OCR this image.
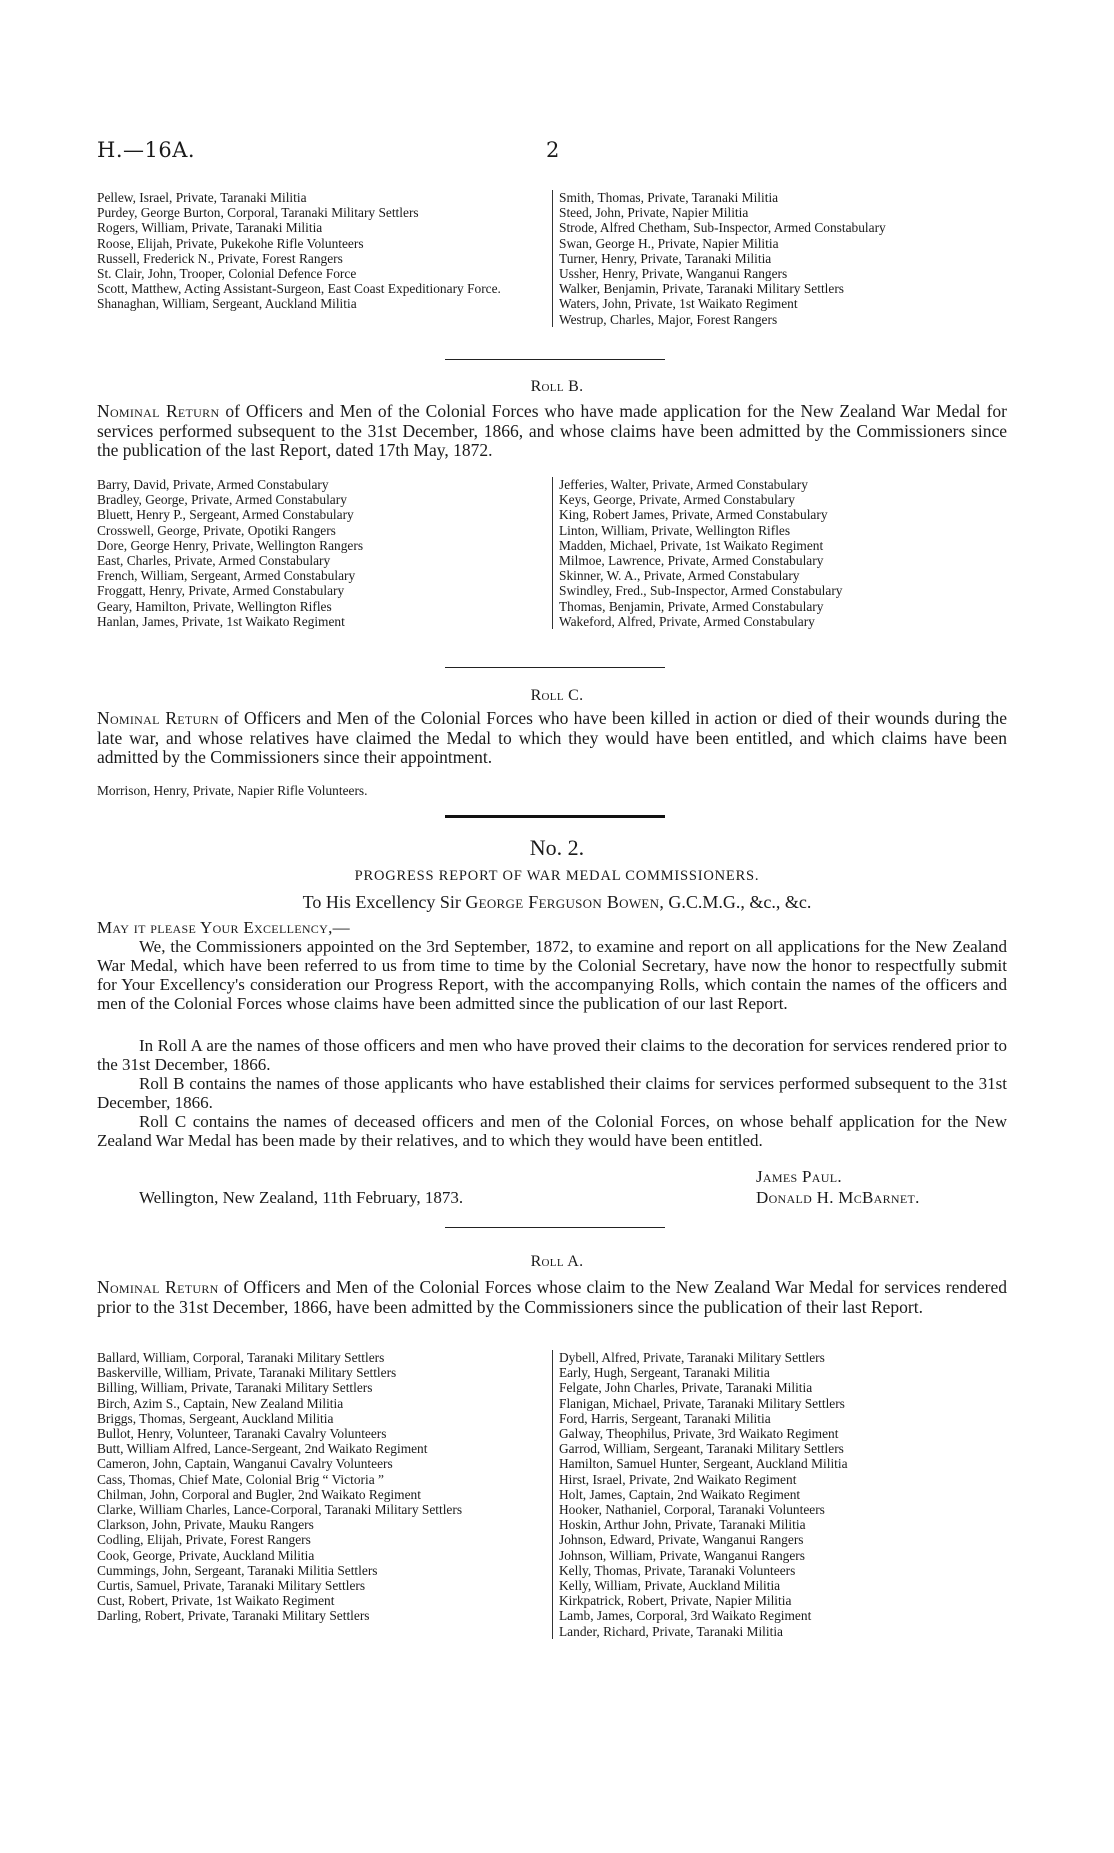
H.—16A.	2
Pellew, Israel, Private, Taranaki Militia
Purdey, George Burton, Corporal, Taranaki Military Settlers
Rogers, William, Private, Taranaki Militia
Roose, Elijah, Private, Pukekohe Rifle Volunteers
Russell, Frederick N., Private, Forest Rangers
St. Clair, John, Trooper, Colonial Defence Force
Scott, Matthew, Acting Assistant-Surgeon, East Coast Expeditionary Force.
Shanaghan, William, Sergeant, Auckland Militia
Smith, Thomas, Private, Taranaki Militia
Steed, John, Private, Napier Militia
Strode, Alfred Chetham, Sub-Inspector, Armed Constabulary
Swan, George H., Private, Napier Militia
Turner, Henry, Private, Taranaki Militia
Ussher, Henry, Private, Wanganui Rangers
Walker, Benjamin, Private, Taranaki Military Settlers
Waters, John, Private, 1st Waikato Regiment
Westrup, Charles, Major, Forest Rangers
Roll B.
Nominal Return of Officers and Men of the Colonial Forces who have made application for the New Zealand War Medal for services performed subsequent to the 31st December, 1866, and whose claims have been admitted by the Commissioners since the publication of the last Report, dated 17th May, 1872.
Barry, David, Private, Armed Constabulary
Bradley, George, Private, Armed Constabulary
Bluett, Henry P., Sergeant, Armed Constabulary
Crosswell, George, Private, Opotiki Rangers
Dore, George Henry, Private, Wellington Rangers
East, Charles, Private, Armed Constabulary
French, William, Sergeant, Armed Constabulary
Froggatt, Henry, Private, Armed Constabulary
Geary, Hamilton, Private, Wellington Rifles
Hanlan, James, Private, 1st Waikato Regiment
Jefferies, Walter, Private, Armed Constabulary
Keys, George, Private, Armed Constabulary
King, Robert James, Private, Armed Constabulary
Linton, William, Private, Wellington Rifles
Madden, Michael, Private, 1st Waikato Regiment
Milmoe, Lawrence, Private, Armed Constabulary
Skinner, W. A., Private, Armed Constabulary
Swindley, Fred., Sub-Inspector, Armed Constabulary
Thomas, Benjamin, Private, Armed Constabulary
Wakeford, Alfred, Private, Armed Constabulary
Roll C.
Nominal Return of Officers and Men of the Colonial Forces who have been killed in action or died of their wounds during the late war, and whose relatives have claimed the Medal to which they would have been entitled, and which claims have been admitted by the Commissioners since their appointment.
Morrison, Henry, Private, Napier Rifle Volunteers.
No. 2.
PROGRESS REPORT OF WAR MEDAL COMMISSIONERS.
To His Excellency Sir George Ferguson Bowen, G.C.M.G., &c., &c.
May it please Your Excellency,—
We, the Commissioners appointed on the 3rd September, 1872, to examine and report on all applications for the New Zealand War Medal, which have been referred to us from time to time by the Colonial Secretary, have now the honor to respectfully submit for Your Excellency's consideration our Progress Report, with the accompanying Rolls, which contain the names of the officers and men of the Colonial Forces whose claims have been admitted since the publication of our last Report.
In Roll A are the names of those officers and men who have proved their claims to the decoration for services rendered prior to the 31st December, 1866.
Roll B contains the names of those applicants who have established their claims for services performed subsequent to the 31st December, 1866.
Roll C contains the names of deceased officers and men of the Colonial Forces, on whose behalf application for the New Zealand War Medal has been made by their relatives, and to which they would have been entitled.
James Paul.
Wellington, New Zealand, 11th February, 1873.	Donald H. McBarnet.
Roll A.
Nominal Return of Officers and Men of the Colonial Forces whose claim to the New Zealand War Medal for services rendered prior to the 31st December, 1866, have been admitted by the Commissioners since the publication of their last Report.
Ballard, William, Corporal, Taranaki Military Settlers
Baskerville, William, Private, Taranaki Military Settlers
Billing, William, Private, Taranaki Military Settlers
Birch, Azim S., Captain, New Zealand Militia
Briggs, Thomas, Sergeant, Auckland Militia
Bullot, Henry, Volunteer, Taranaki Cavalry Volunteers
Butt, William Alfred, Lance-Sergeant, 2nd Waikato Regiment
Cameron, John, Captain, Wanganui Cavalry Volunteers
Cass, Thomas, Chief Mate, Colonial Brig “ Victoria ”
Chilman, John, Corporal and Bugler, 2nd Waikato Regiment
Clarke, William Charles, Lance-Corporal, Taranaki Military Settlers
Clarkson, John, Private, Mauku Rangers
Codling, Elijah, Private, Forest Rangers
Cook, George, Private, Auckland Militia
Cummings, John, Sergeant, Taranaki Militia Settlers
Curtis, Samuel, Private, Taranaki Military Settlers
Cust, Robert, Private, 1st Waikato Regiment
Darling, Robert, Private, Taranaki Military Settlers
Dybell, Alfred, Private, Taranaki Military Settlers
Early, Hugh, Sergeant, Taranaki Militia
Felgate, John Charles, Private, Taranaki Militia
Flanigan, Michael, Private, Taranaki Military Settlers
Ford, Harris, Sergeant, Taranaki Militia
Galway, Theophilus, Private, 3rd Waikato Regiment
Garrod, William, Sergeant, Taranaki Military Settlers
Hamilton, Samuel Hunter, Sergeant, Auckland Militia
Hirst, Israel, Private, 2nd Waikato Regiment
Holt, James, Captain, 2nd Waikato Regiment
Hooker, Nathaniel, Corporal, Taranaki Volunteers
Hoskin, Arthur John, Private, Taranaki Militia
Johnson, Edward, Private, Wanganui Rangers
Johnson, William, Private, Wanganui Rangers
Kelly, Thomas, Private, Taranaki Volunteers
Kelly, William, Private, Auckland Militia
Kirkpatrick, Robert, Private, Napier Militia
Lamb, James, Corporal, 3rd Waikato Regiment
Lander, Richard, Private, Taranaki Militia
